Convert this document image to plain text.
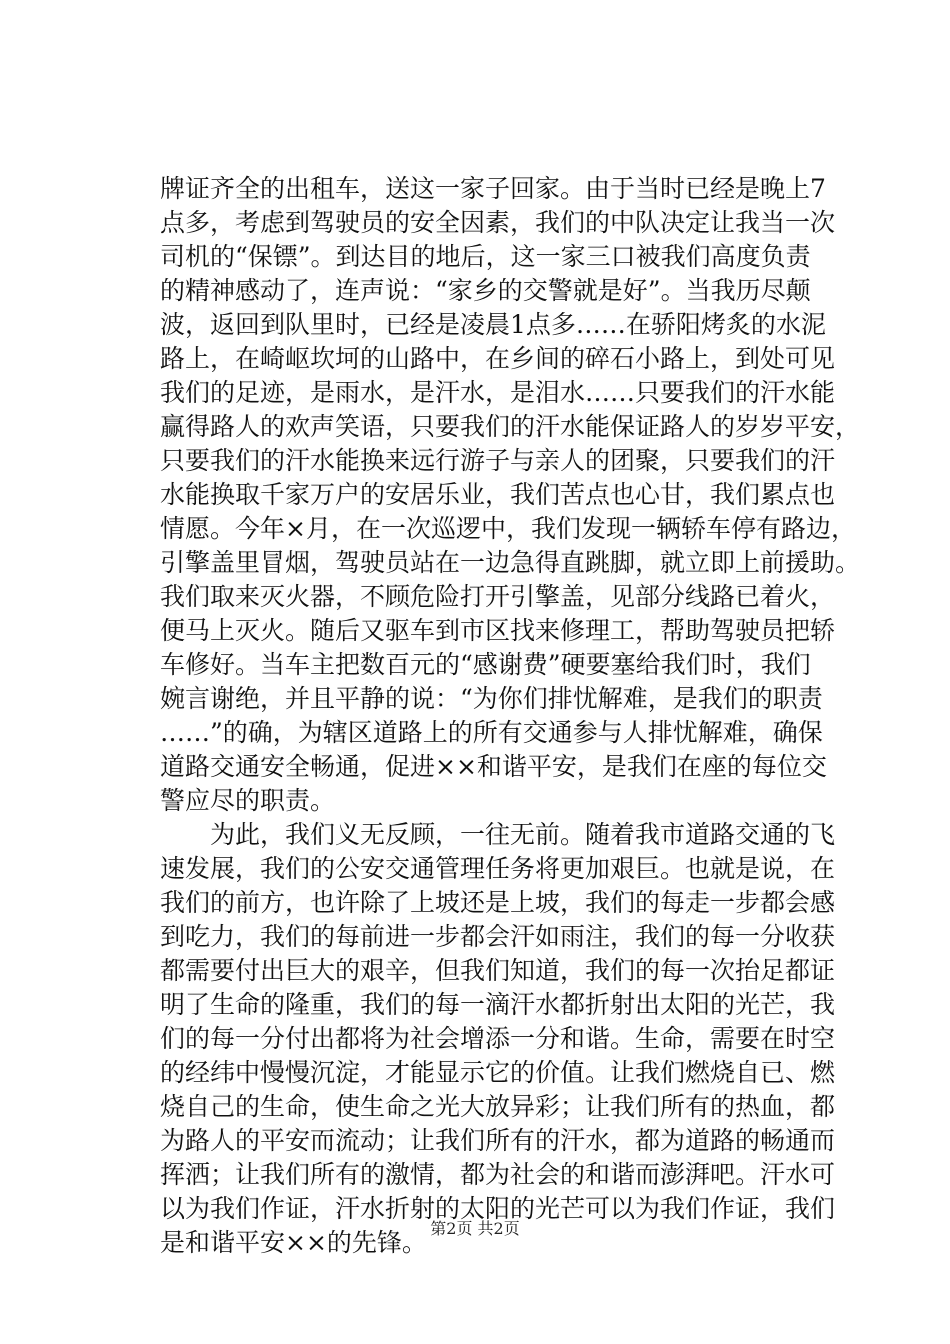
牌证齐全的出租车，送这一家子回家。由于当时已经是晚上7
点多，考虑到驾驶员的安全因素，我们的中队决定让我当一次
司机的“保镖”。到达目的地后，这一家三口被我们高度负责
的精神感动了，连声说：“家乡的交警就是好”。当我历尽颠
波，返回到队里时，已经是凌晨1点多……在骄阳烤炙的水泥
路上，在崎岖坎坷的山路中，在乡间的碎石小路上，到处可见
我们的足迹，是雨水，是汗水，是泪水……只要我们的汗水能
赢得路人的欢声笑语，只要我们的汗水能保证路人的岁岁平安，
只要我们的汗水能换来远行游子与亲人的团聚，只要我们的汗
水能换取千家万户的安居乐业，我们苦点也心甘，我们累点也
情愿。今年×月，在一次巡逻中，我们发现一辆轿车停有路边，
引擎盖里冒烟，驾驶员站在一边急得直跳脚，就立即上前援助。
我们取来灭火器，不顾危险打开引擎盖，见部分线路已着火，
便马上灭火。随后又驱车到市区找来修理工，帮助驾驶员把轿
车修好。当车主把数百元的“感谢费”硬要塞给我们时，我们
婉言谢绝，并且平静的说：“为你们排忧解难，是我们的职责
……”的确，为辖区道路上的所有交通参与人排忧解难，确保
道路交通安全畅通，促进××和谐平安，是我们在座的每位交
警应尽的职责。
　　为此，我们义无反顾，一往无前。随着我市道路交通的飞
速发展，我们的公安交通管理任务将更加艰巨。也就是说，在
我们的前方，也许除了上坡还是上坡，我们的每走一步都会感
到吃力，我们的每前进一步都会汗如雨注，我们的每一分收获
都需要付出巨大的艰辛，但我们知道，我们的每一次抬足都证
明了生命的隆重，我们的每一滴汗水都折射出太阳的光芒，我
们的每一分付出都将为社会增添一分和谐。生命，需要在时空
的经纬中慢慢沉淀，才能显示它的价值。让我们燃烧自已、燃
烧自己的生命，使生命之光大放异彩；让我们所有的热血，都
为路人的平安而流动；让我们所有的汗水，都为道路的畅通而
挥洒；让我们所有的激情，都为社会的和谐而澎湃吧。汗水可
以为我们作证，汗水折射的太阳的光芒可以为我们作证，我们
是和谐平安××的先锋。 第2页 共2页
